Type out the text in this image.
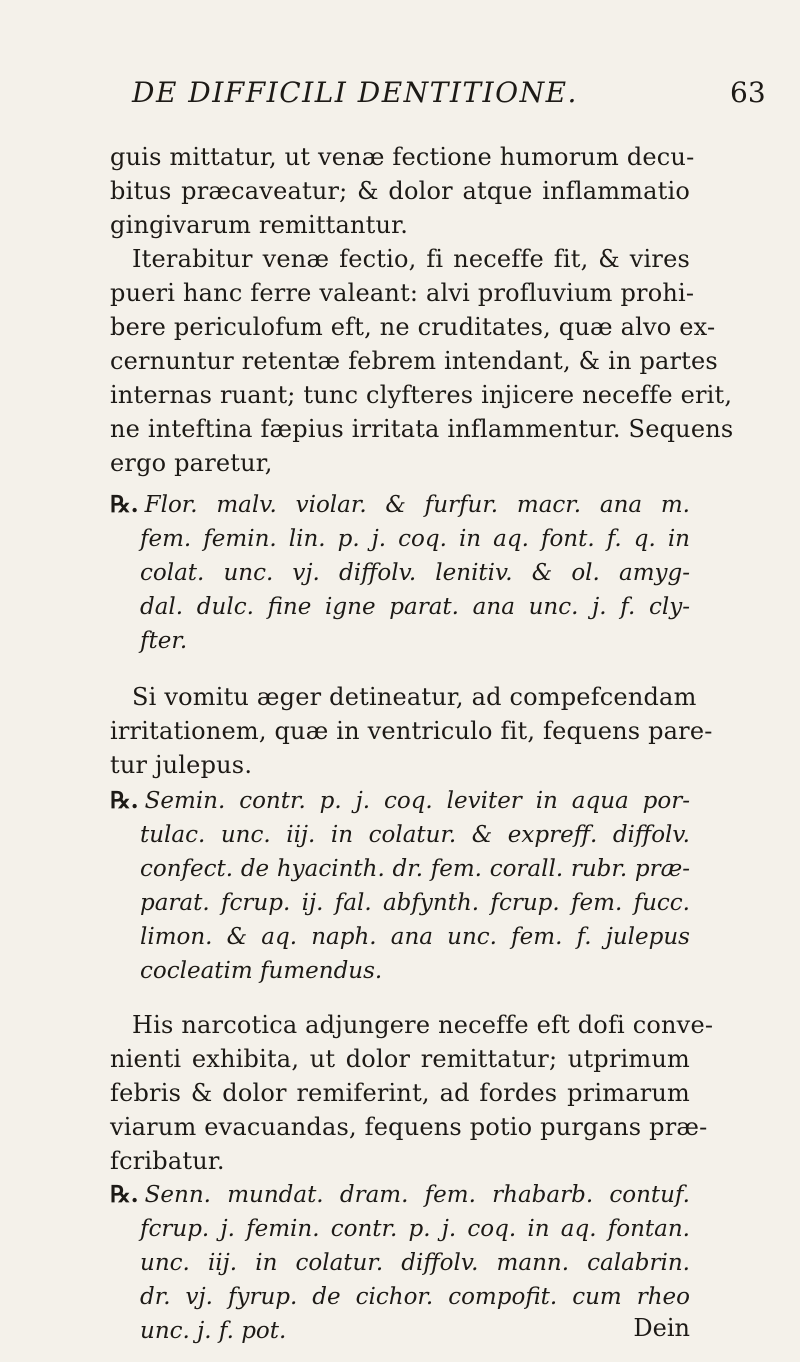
DE DIFFICILI DENTITIONE.	63
guis mittatur, ut venæ fectione humorum decu-
bitus præcaveatur; & dolor atque inflammatio
gingivarum remittantur.
Iterabitur venæ fectio, fi neceffe fit, & vires
pueri hanc ferre valeant: alvi profluvium prohi-
bere periculofum eft, ne cruditates, quæ alvo ex-
cernuntur retentæ febrem intendant, & in partes
internas ruant; tunc clyfteres injicere neceffe erit,
ne inteftina fæpius irritata inflammentur. Sequens
ergo paretur,
℞. Flor. malv. violar. & furfur. macr. ana m.
fem. femin. lin. p. j. coq. in aq. font. f. q. in
colat. unc. vj. diffolv. lenitiv. & ol. amyg-
dal. dulc. fine igne parat. ana unc. j. f. cly-
fter.
Si vomitu æger detineatur, ad compefcendam
irritationem, quæ in ventriculo fit, fequens pare-
tur julepus.
℞. Semin. contr. p. j. coq. leviter in aqua por-
tulac. unc. iij. in colatur. & expreff. diffolv.
confect. de hyacinth. dr. fem. corall. rubr. præ-
parat. fcrup. ij. fal. abfynth. fcrup. fem. fucc.
limon. & aq. naph. ana unc. fem. f. julepus
cocleatim fumendus.
His narcotica adjungere neceffe eft dofi conve-
nienti exhibita, ut dolor remittatur; utprimum
febris & dolor remiferint, ad fordes primarum
viarum evacuandas, fequens potio purgans præ-
fcribatur.
℞. Senn. mundat. dram. fem. rhabarb. contuf.
fcrup. j. femin. contr. p. j. coq. in aq. fontan.
unc. iij. in colatur. diffolv. mann. calabrin.
dr. vj. fyrup. de cichor. compofit. cum rheo
unc. j. f. pot.	Dein
